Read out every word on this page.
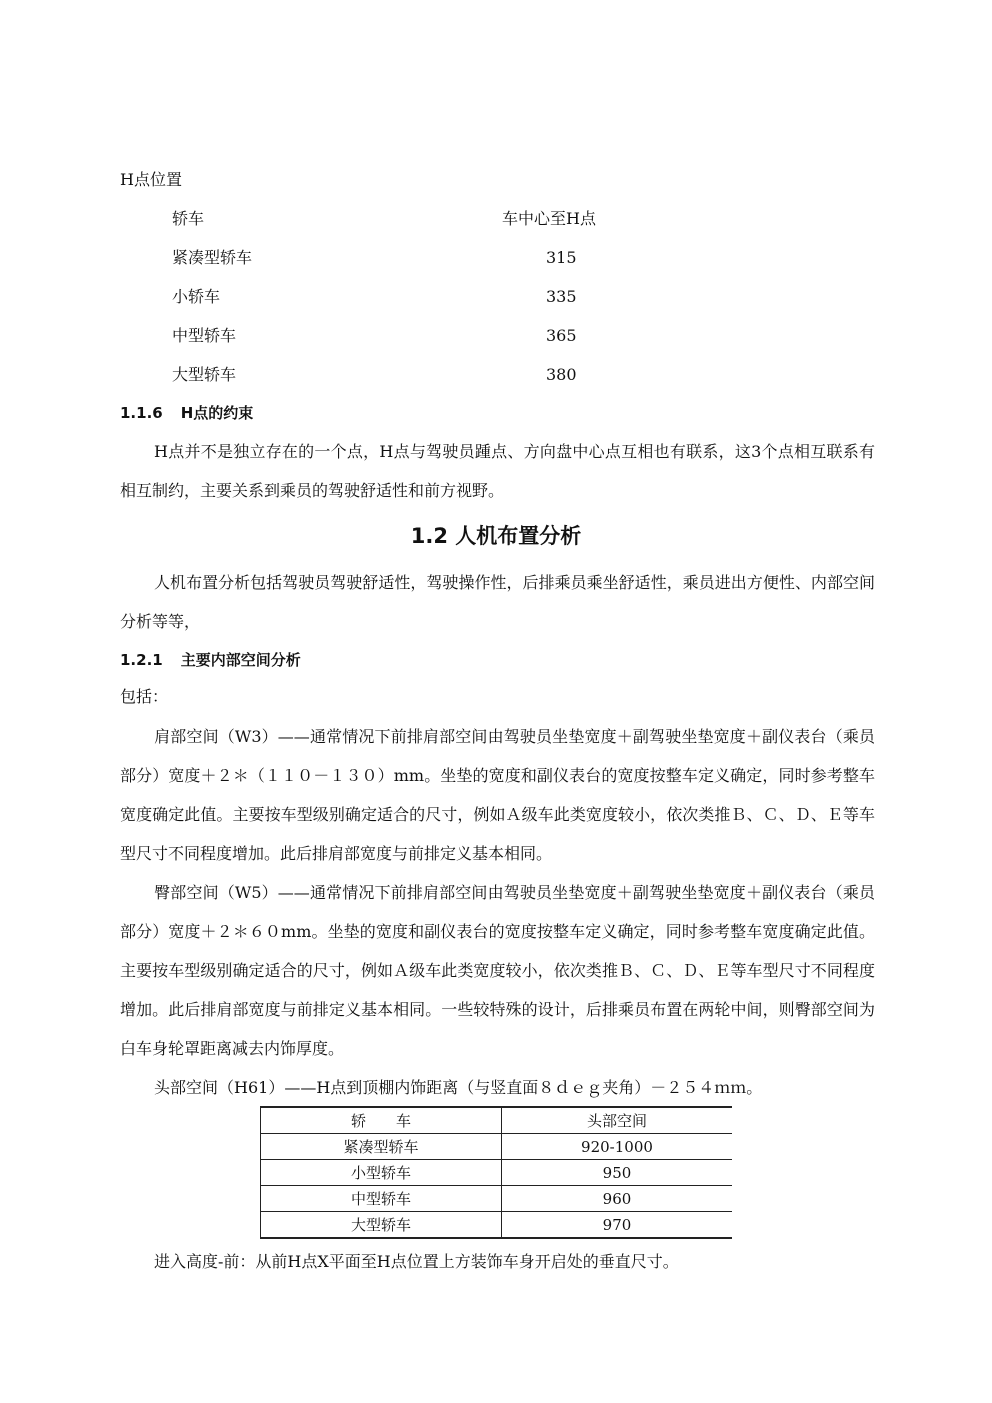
H点位置
轿车	车中心至H点
紧凑型轿车	315
小轿车	335
中型轿车	365
大型轿车	380
1.1.6 H点的约束
H点并不是独立存在的一个点，H点与驾驶员踵点、方向盘中心点互相也有联系，这3个点相互联系有相互制约，主要关系到乘员的驾驶舒适性和前方视野。
1.2 人机布置分析
人机布置分析包括驾驶员驾驶舒适性，驾驶操作性，后排乘员乘坐舒适性，乘员进出方便性、内部空间分析等等，
1.2.1 主要内部空间分析
包括：
肩部空间（W3）——通常情况下前排肩部空间由驾驶员坐垫宽度＋副驾驶坐垫宽度＋副仪表台（乘员部分）宽度＋２＊（１１０－１３０）mm。坐垫的宽度和副仪表台的宽度按整车定义确定，同时参考整车宽度确定此值。主要按车型级别确定适合的尺寸，例如Ａ级车此类宽度较小，依次类推Ｂ、Ｃ、Ｄ、Ｅ等车型尺寸不同程度增加。此后排肩部宽度与前排定义基本相同。
臀部空间（W5）——通常情况下前排肩部空间由驾驶员坐垫宽度＋副驾驶坐垫宽度＋副仪表台（乘员部分）宽度＋２＊６０mm。坐垫的宽度和副仪表台的宽度按整车定义确定，同时参考整车宽度确定此值。主要按车型级别确定适合的尺寸，例如Ａ级车此类宽度较小，依次类推Ｂ、Ｃ、Ｄ、Ｅ等车型尺寸不同程度增加。此后排肩部宽度与前排定义基本相同。一些较特殊的设计，后排乘员布置在两轮中间，则臀部空间为白车身轮罩距离减去内饰厚度。
头部空间（H61）——H点到顶棚内饰距离（与竖直面８ｄｅｇ夹角）－２５４ｍｍ。
轿　　车	头部空间
紧凑型轿车	920-1000
小型轿车	950
中型轿车	960
大型轿车	970
进入高度-前：从前H点X平面至H点位置上方装饰车身开启处的垂直尺寸。
